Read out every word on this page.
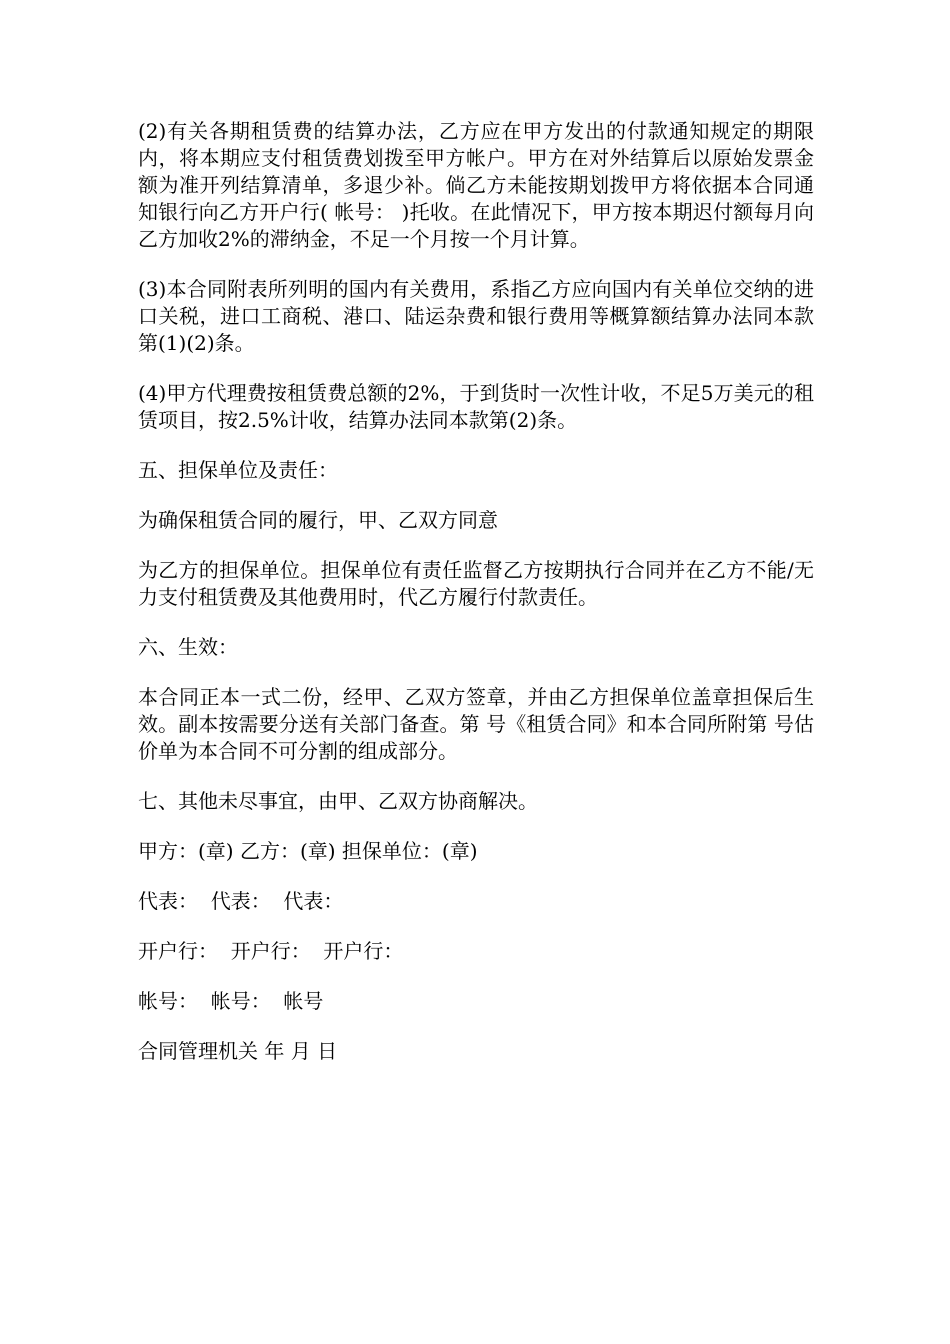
(2)有关各期租赁费的结算办法，乙方应在甲方发出的付款通知规定的期限内，将本期应支付租赁费划拨至甲方帐户。甲方在对外结算后以原始发票金额为准开列结算清单，多退少补。倘乙方未能按期划拨甲方将依据本合同通知银行向乙方开户行( 帐号： )托收。在此情况下，甲方按本期迟付额每月向乙方加收2%的滞纳金，不足一个月按一个月计算。

(3)本合同附表所列明的国内有关费用，系指乙方应向国内有关单位交纳的进口关税，进口工商税、港口、陆运杂费和银行费用等概算额结算办法同本款第(1)(2)条。

(4)甲方代理费按租赁费总额的2%，于到货时一次性计收，不足5万美元的租赁项目，按2.5%计收，结算办法同本款第(2)条。

五、担保单位及责任：

为确保租赁合同的履行，甲、乙双方同意

为乙方的担保单位。担保单位有责任监督乙方按期执行合同并在乙方不能/无力支付租赁费及其他费用时，代乙方履行付款责任。

六、生效：

本合同正本一式二份，经甲、乙双方签章，并由乙方担保单位盖章担保后生效。副本按需要分送有关部门备查。第 号《租赁合同》和本合同所附第 号估价单为本合同不可分割的组成部分。

七、其他未尽事宜，由甲、乙双方协商解决。

甲方：(章) 乙方：(章) 担保单位：(章)

代表：  代表：  代表：

开户行：  开户行：  开户行：

帐号：  帐号：  帐号

合同管理机关 年 月 日
